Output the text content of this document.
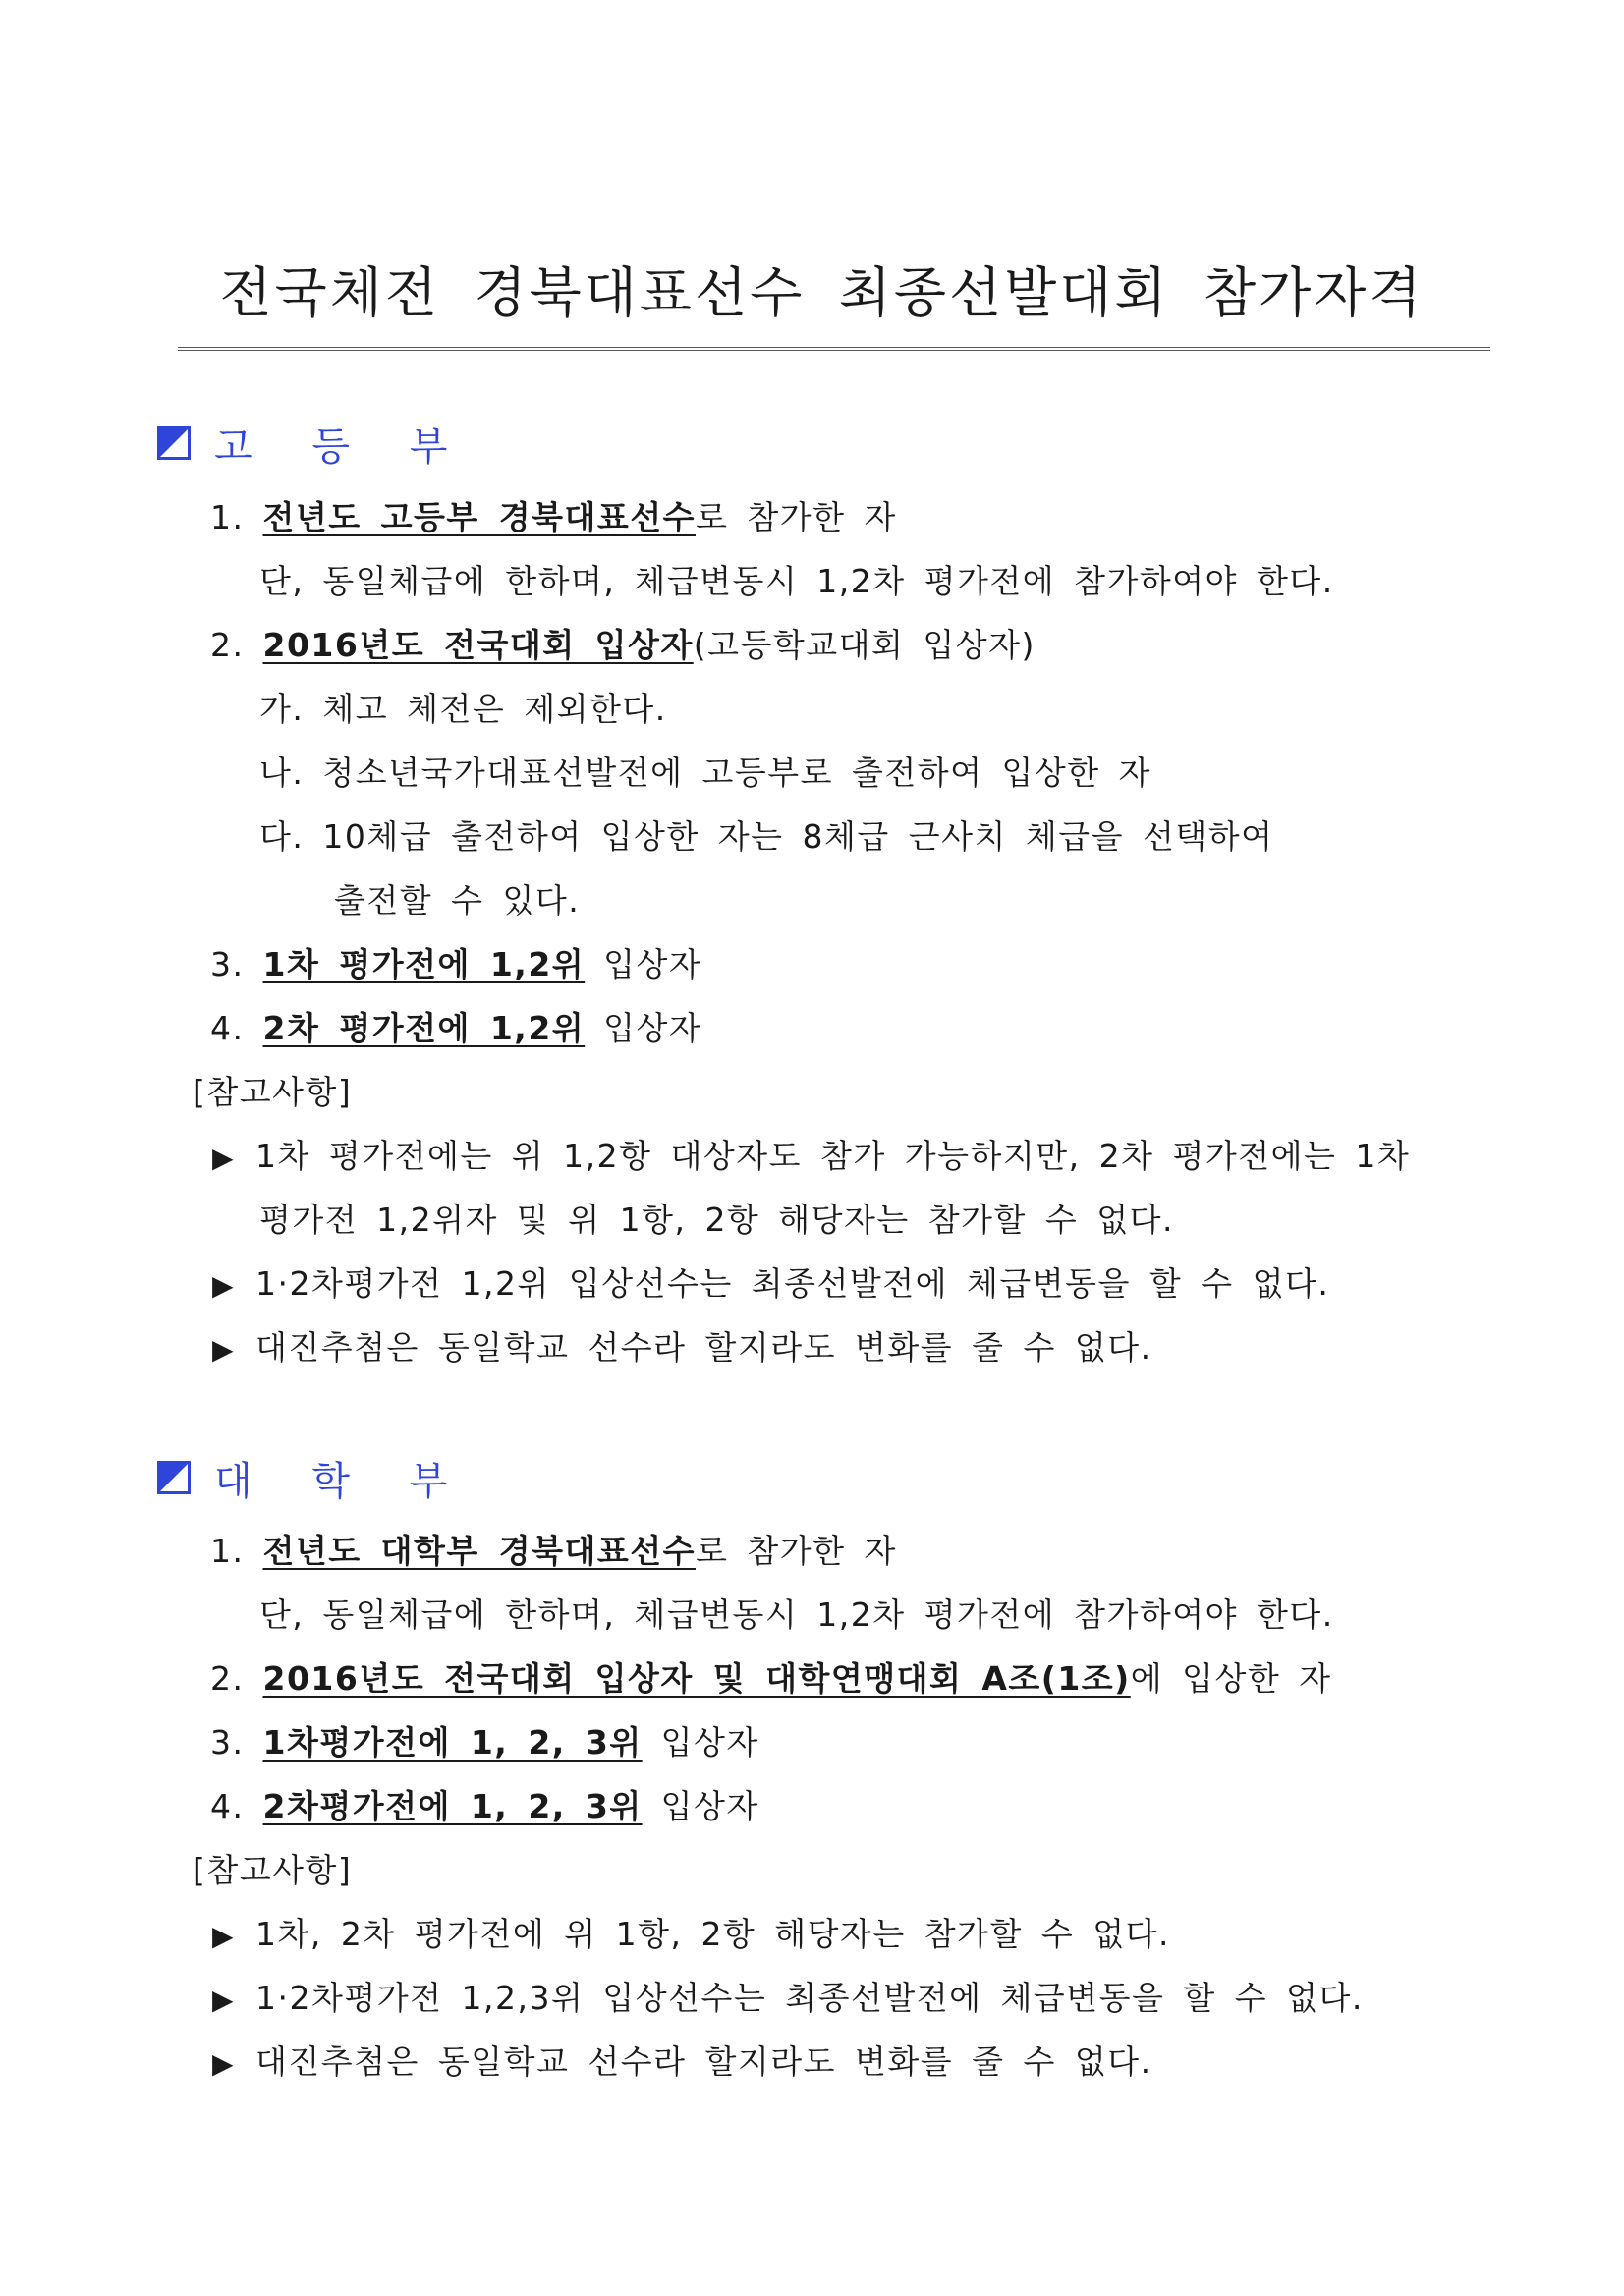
전국체전 경북대표선수 최종선발대회 참가자격
고 등 부
1. 전년도 고등부 경북대표선수로 참가한 자
단, 동일체급에 한하며, 체급변동시 1,2차 평가전에 참가하여야 한다.
2. 2016년도 전국대회 입상자(고등학교대회 입상자)
가. 체고 체전은 제외한다.
나. 청소년국가대표선발전에 고등부로 출전하여 입상한 자
다. 10체급 출전하여 입상한 자는 8체급 근사치 체급을 선택하여
출전할 수 있다.
3. 1차 평가전에 1,2위 입상자
4. 2차 평가전에 1,2위 입상자
[참고사항]
▶ 1차 평가전에는 위 1,2항 대상자도 참가 가능하지만, 2차 평가전에는 1차
평가전 1,2위자 및 위 1항, 2항 해당자는 참가할 수 없다.
▶ 1·2차평가전 1,2위 입상선수는 최종선발전에 체급변동을 할 수 없다.
▶ 대진추첨은 동일학교 선수라 할지라도 변화를 줄 수 없다.
대 학 부
1. 전년도 대학부 경북대표선수로 참가한 자
단, 동일체급에 한하며, 체급변동시 1,2차 평가전에 참가하여야 한다.
2. 2016년도 전국대회 입상자 및 대학연맹대회 A조(1조)에 입상한 자
3. 1차평가전에 1, 2, 3위 입상자
4. 2차평가전에 1, 2, 3위 입상자
[참고사항]
▶ 1차, 2차 평가전에 위 1항, 2항 해당자는 참가할 수 없다.
▶ 1·2차평가전 1,2,3위 입상선수는 최종선발전에 체급변동을 할 수 없다.
▶ 대진추첨은 동일학교 선수라 할지라도 변화를 줄 수 없다.
